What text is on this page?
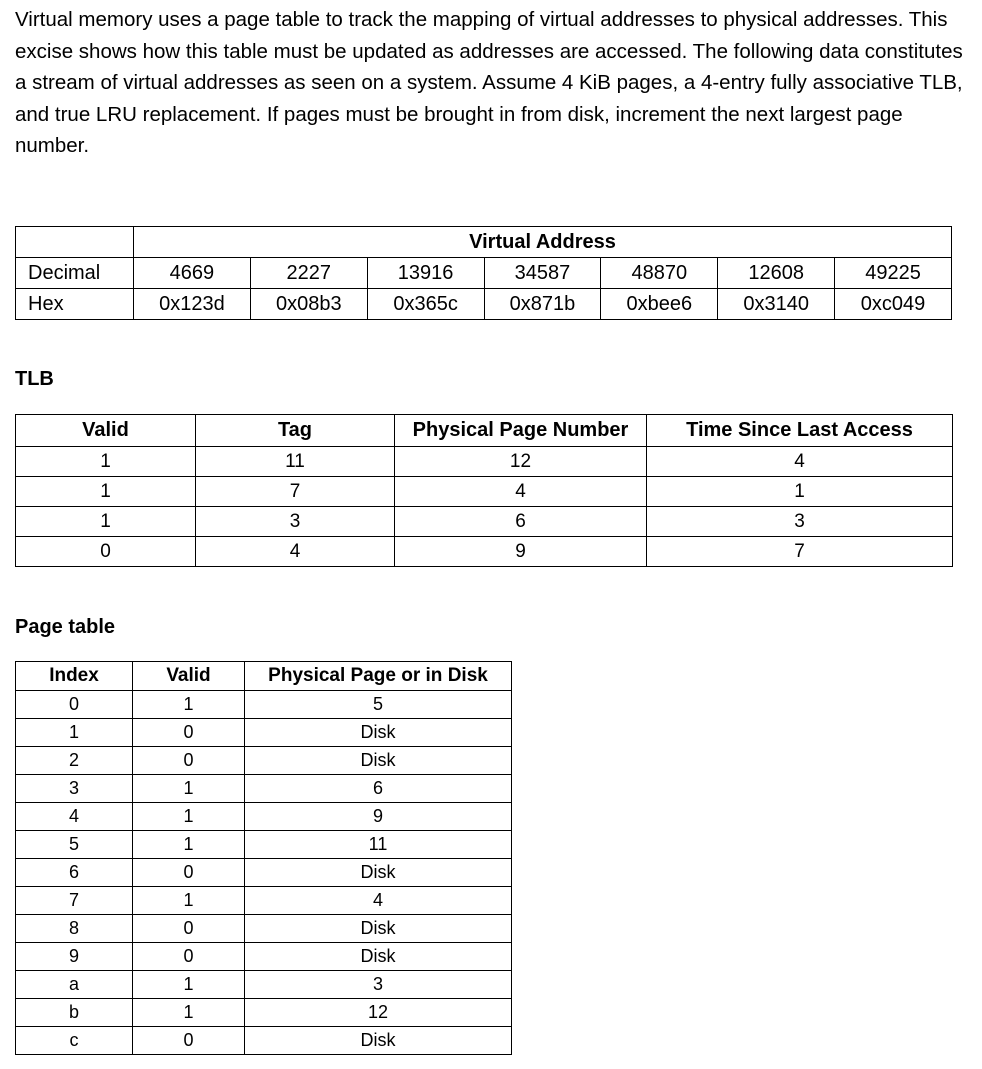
Virtual memory uses a page table to track the mapping of virtual addresses to physical addresses. This excise shows how this table must be updated as addresses are accessed. The following data constitutes a stream of virtual addresses as seen on a system. Assume 4 KiB pages, a 4-entry fully associative TLB, and true LRU replacement. If pages must be brought in from disk, increment the next largest page number.

	Virtual Address						
Decimal	4669	2227	13916	34587	48870	12608	49225
Hex	0x123d	0x08b3	0x365c	0x871b	0xbee6	0x3140	0xc049
TLB
Valid	Tag	Physical Page Number	Time Since Last Access
1	11	12	4
1	7	4	1
1	3	6	3
0	4	9	7
Page table
Index	Valid	Physical Page or in Disk
0	1	5
1	0	Disk
2	0	Disk
3	1	6
4	1	9
5	1	11
6	0	Disk
7	1	4
8	0	Disk
9	0	Disk
a	1	3
b	1	12
c	0	Disk
